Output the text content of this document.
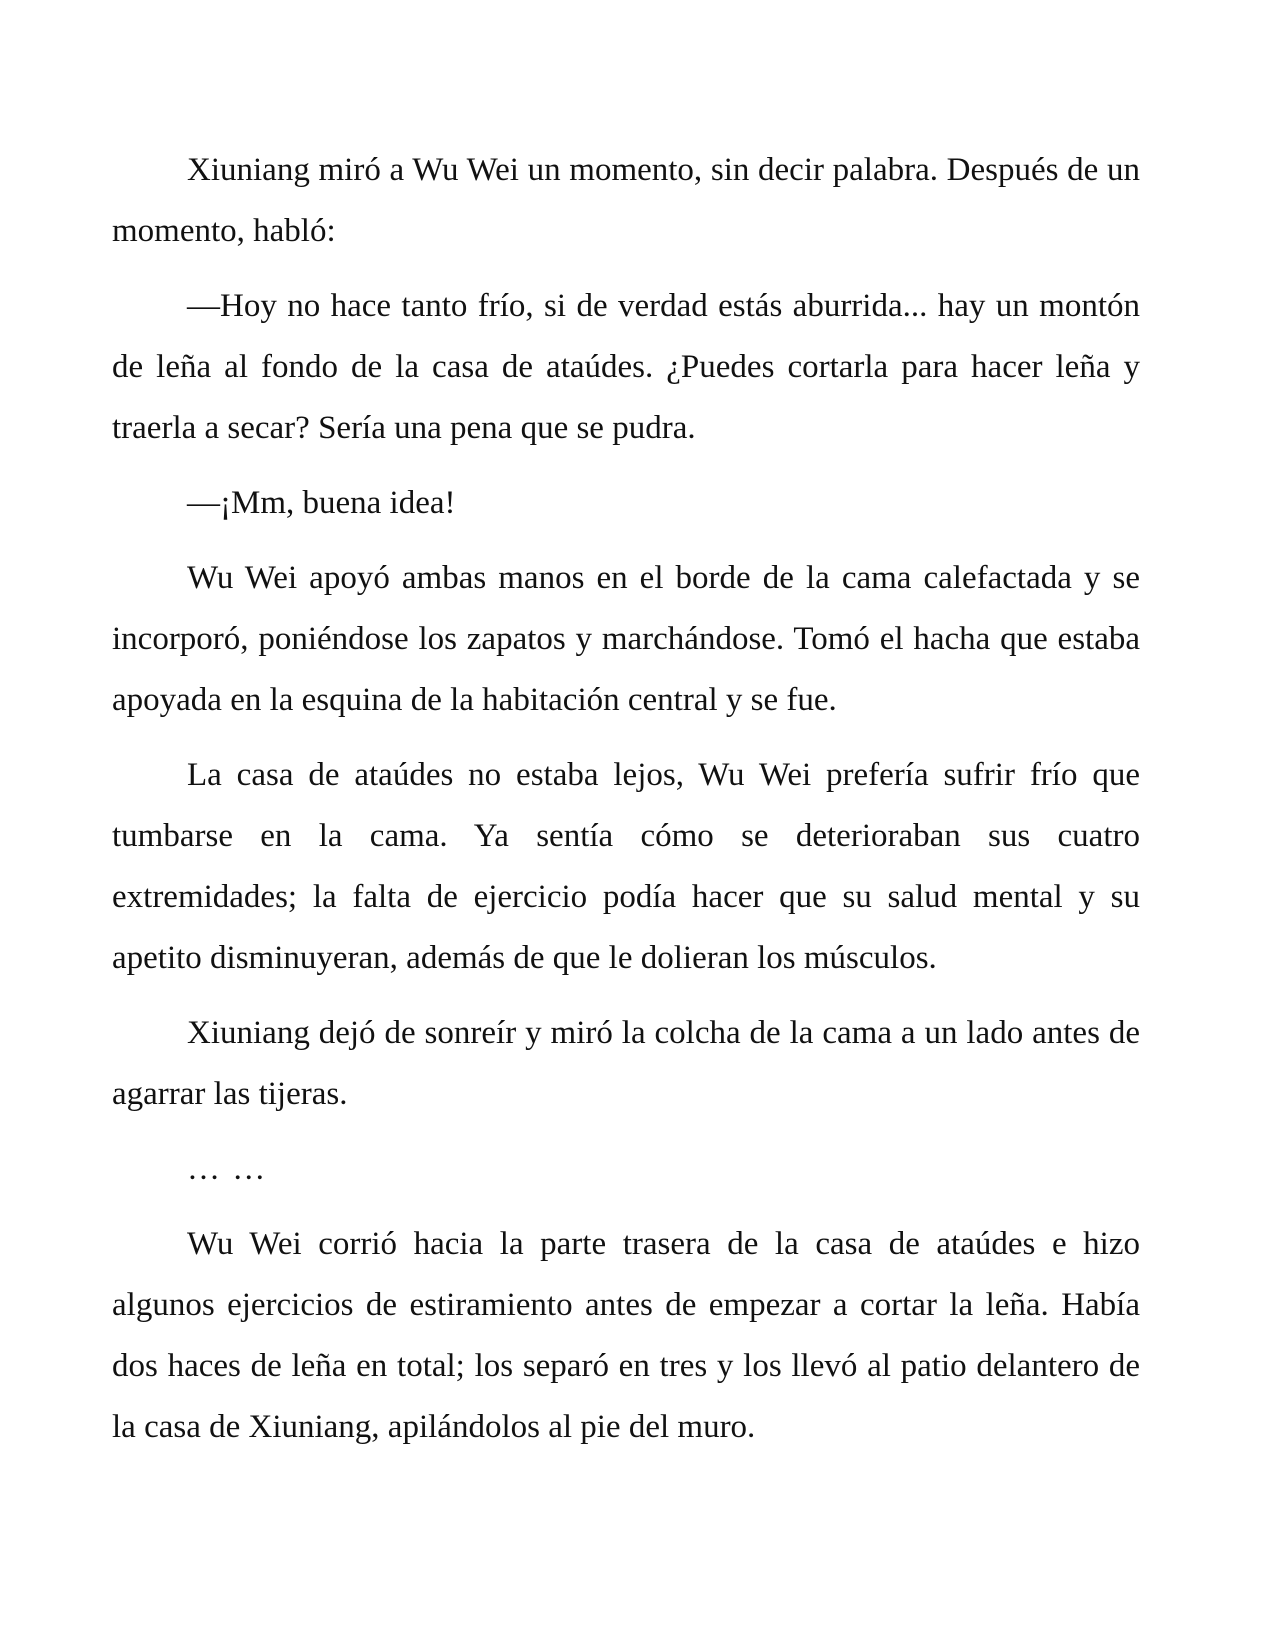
Xiuniang miró a Wu Wei un momento, sin decir palabra. Después de un momento, habló:

—Hoy no hace tanto frío, si de verdad estás aburrida... hay un montón de leña al fondo de la casa de ataúdes. ¿Puedes cortarla para hacer leña y traerla a secar? Sería una pena que se pudra.

—¡Mm, buena idea!

Wu Wei apoyó ambas manos en el borde de la cama calefactada y se incorporó, poniéndose los zapatos y marchándose. Tomó el hacha que estaba apoyada en la esquina de la habitación central y se fue.

La casa de ataúdes no estaba lejos, Wu Wei prefería sufrir frío que tumbarse en la cama. Ya sentía cómo se deterioraban sus cuatro extremidades; la falta de ejercicio podía hacer que su salud mental y su apetito disminuyeran, además de que le dolieran los músculos.

Xiuniang dejó de sonreír y miró la colcha de la cama a un lado antes de agarrar las tijeras.

… …

Wu Wei corrió hacia la parte trasera de la casa de ataúdes e hizo algunos ejercicios de estiramiento antes de empezar a cortar la leña. Había dos haces de leña en total; los separó en tres y los llevó al patio delantero de la casa de Xiuniang, apilándolos al pie del muro.
